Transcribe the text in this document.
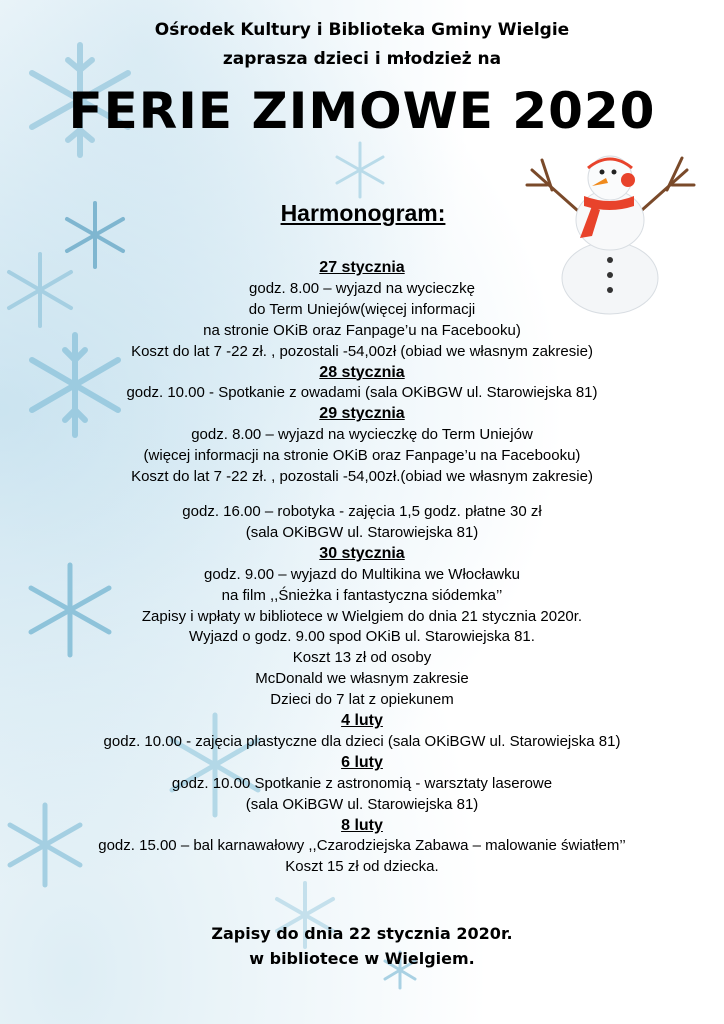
Ośrodek Kultury i Biblioteka Gminy Wielgie
zaprasza dzieci i młodzież na
FERIE ZIMOWE 2020
Harmonogram:
27 stycznia
godz. 8.00 – wyjazd na wycieczkę
do Term Uniejów(więcej informacji
na stronie OKiB oraz Fanpage’u na Facebooku)
Koszt do lat 7 -22 zł. , pozostali -54,00zł (obiad we własnym zakresie)
28 stycznia
godz. 10.00 - Spotkanie z owadami (sala OKiBGW ul. Starowiejska 81)
29 stycznia
godz. 8.00 – wyjazd na wycieczkę do Term Uniejów
(więcej informacji na stronie OKiB oraz Fanpage’u na Facebooku)
Koszt do lat 7 -22 zł. , pozostali -54,00zł.(obiad we własnym zakresie)
godz. 16.00 – robotyka - zajęcia 1,5 godz. płatne 30 zł
(sala OKiBGW ul. Starowiejska 81)
30 stycznia
godz. 9.00 – wyjazd do Multikina we Włocławku
na film ,,Śnieżka i fantastyczna siódemka’’
Zapisy i wpłaty w bibliotece w Wielgiem do dnia 21 stycznia 2020r.
Wyjazd o godz. 9.00 spod OKiB ul. Starowiejska 81.
Koszt 13 zł od osoby
McDonald we własnym zakresie
Dzieci do 7 lat z opiekunem
4 luty
godz. 10.00 - zajęcia plastyczne dla dzieci (sala OKiBGW ul. Starowiejska 81)
6 luty
godz. 10.00 Spotkanie z astronomią - warsztaty laserowe
(sala OKiBGW ul. Starowiejska 81)
8 luty
godz. 15.00 – bal karnawałowy ,,Czarodziejska Zabawa – malowanie światłem’’
Koszt 15 zł od dziecka.
Zapisy do dnia 22 stycznia 2020r.
w bibliotece w Wielgiem.
